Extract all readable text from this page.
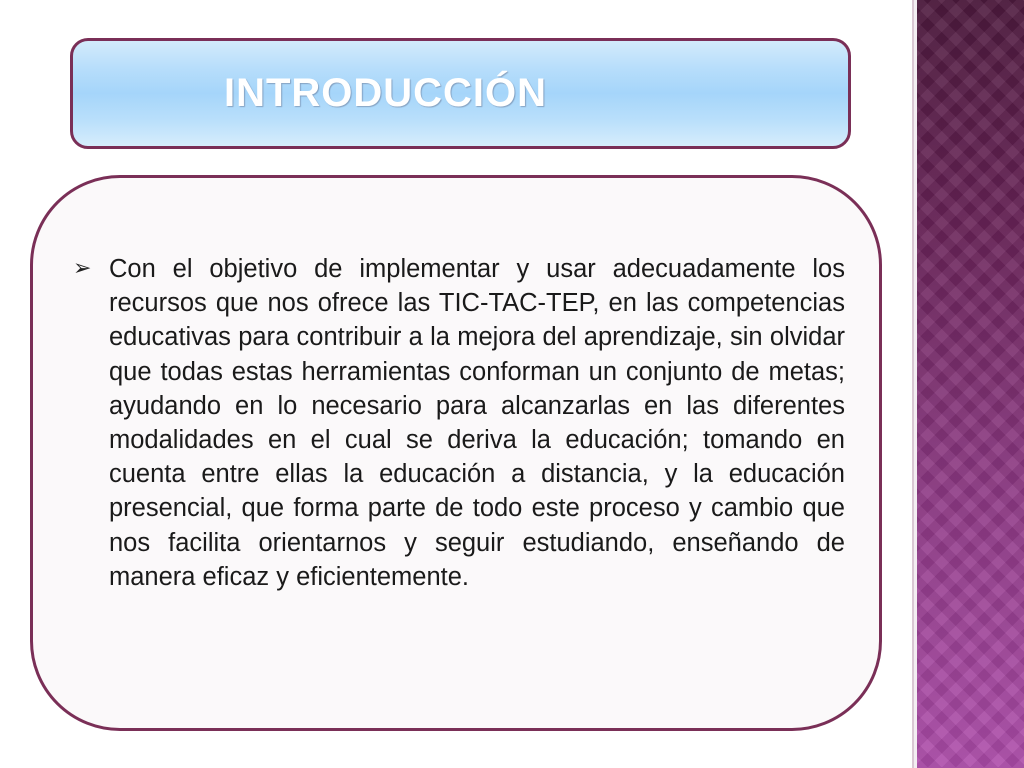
INTRODUCCIÓN
➢ Con el objetivo de implementar y usar adecuadamente los recursos que nos ofrece las TIC-TAC-TEP, en las competencias educativas para contribuir a la mejora del aprendizaje, sin olvidar que todas estas herramientas conforman un conjunto de metas; ayudando en lo necesario para alcanzarlas en las diferentes modalidades en el cual se deriva la educación; tomando en cuenta entre ellas la educación a distancia, y la educación presencial, que forma parte de todo este proceso y cambio que nos facilita orientarnos y seguir estudiando, enseñando de manera eficaz y eficientemente.
